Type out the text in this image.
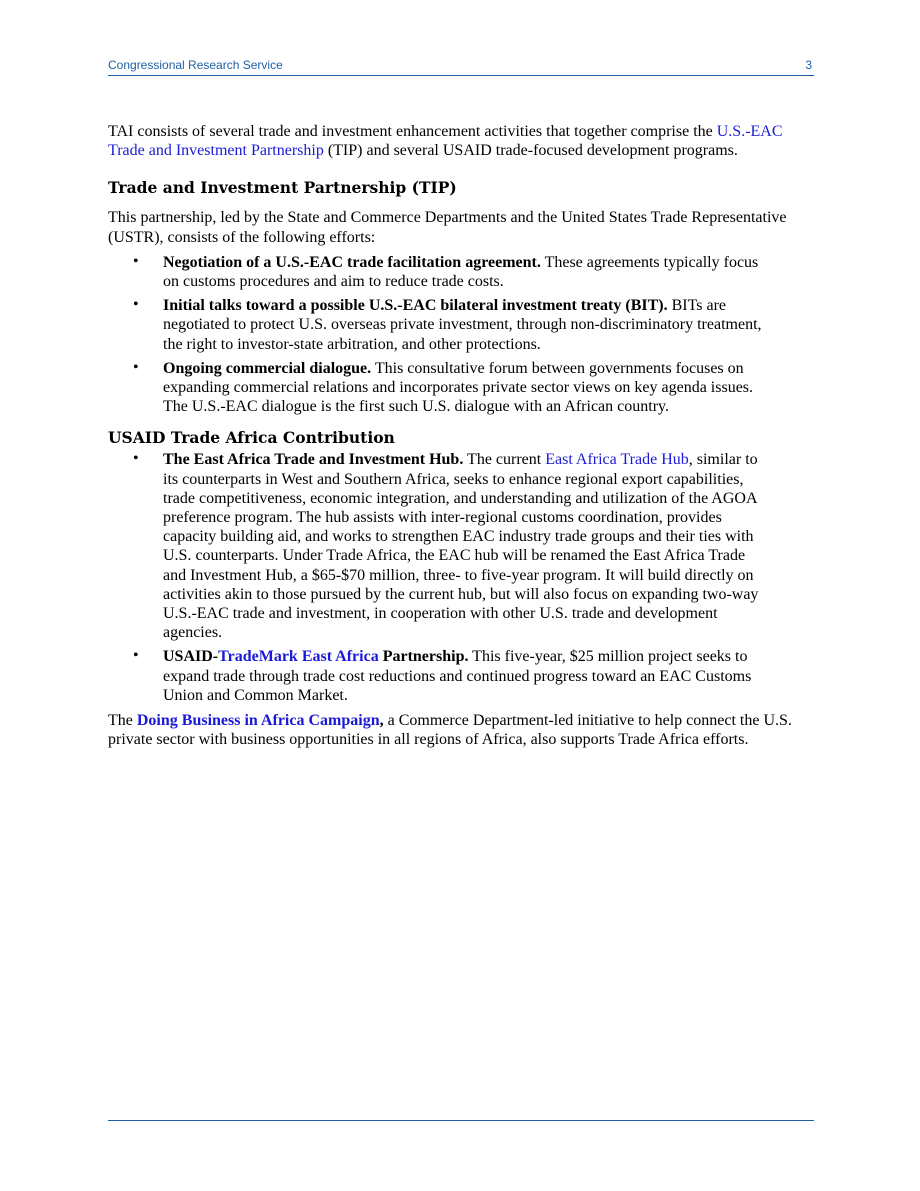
Congressional Research Service	3

TAI consists of several trade and investment enhancement activities that together comprise the U.S.-EAC Trade and Investment Partnership (TIP) and several USAID trade-focused development programs.

Trade and Investment Partnership (TIP)

This partnership, led by the State and Commerce Departments and the United States Trade Representative (USTR), consists of the following efforts:

• Negotiation of a U.S.-EAC trade facilitation agreement. These agreements typically focus on customs procedures and aim to reduce trade costs.
• Initial talks toward a possible U.S.-EAC bilateral investment treaty (BIT). BITs are negotiated to protect U.S. overseas private investment, through non-discriminatory treatment, the right to investor-state arbitration, and other protections.
• Ongoing commercial dialogue. This consultative forum between governments focuses on expanding commercial relations and incorporates private sector views on key agenda issues. The U.S.-EAC dialogue is the first such U.S. dialogue with an African country.
USAID Trade Africa Contribution
• The East Africa Trade and Investment Hub. The current East Africa Trade Hub, similar to its counterparts in West and Southern Africa, seeks to enhance regional export capabilities, trade competitiveness, economic integration, and understanding and utilization of the AGOA preference program. The hub assists with inter-regional customs coordination, provides capacity building aid, and works to strengthen EAC industry trade groups and their ties with U.S. counterparts. Under Trade Africa, the EAC hub will be renamed the East Africa Trade and Investment Hub, a $65-$70 million, three- to five-year program. It will build directly on activities akin to those pursued by the current hub, but will also focus on expanding two-way U.S.-EAC trade and investment, in cooperation with other U.S. trade and development agencies.
• USAID-TradeMark East Africa Partnership. This five-year, $25 million project seeks to expand trade through trade cost reductions and continued progress toward an EAC Customs Union and Common Market.

The Doing Business in Africa Campaign, a Commerce Department-led initiative to help connect the U.S. private sector with business opportunities in all regions of Africa, also supports Trade Africa efforts.
